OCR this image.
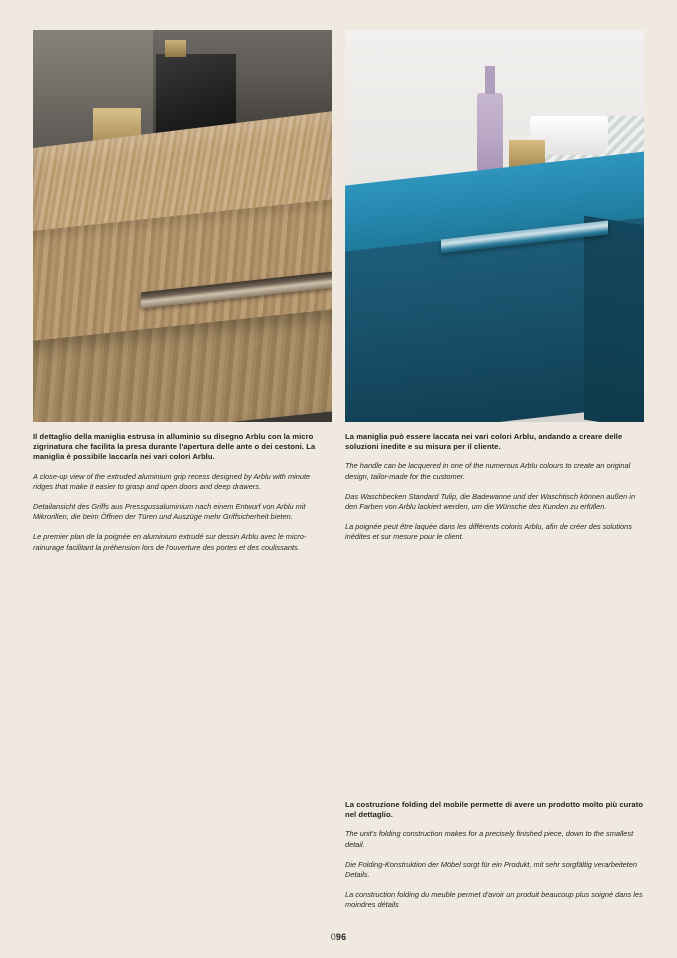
Il dettaglio della maniglia estrusa in alluminio su disegno Arblu con la micro zigrinatura che facilita la presa durante l'apertura delle ante o dei cestoni. La maniglia è possibile laccarla nei vari colori Arblu.

A close-up view of the extruded aluminium grip recess designed by Arblu with minute ridges that make it easier to grasp and open doors and deep drawers.

Detailansicht des Griffs aus Pressgussaluminium nach einem Entwurf von Arblu mit Mikrorillen, die beim Öffnen der Türen und Auszüge mehr Griffsicherheit bieten.

Le premier plan de la poignée en aluminium extrudé sur dessin Arblu avec le micro-rainurage facilitant la préhension lors de l'ouverture des portes et des coulissants.

La maniglia può essere laccata nei vari colori Arblu, andando a creare delle soluzioni inedite e su misura per il cliente.

The handle can be lacquered in one of the numerous Arblu colours to create an original design, tailor-made for the customer.

Das Waschbecken Standard Tulip, die Badewanne und der Waschtisch können außen in den Farben von Arblu lackiert werden, um die Wünsche des Kunden zu erfüllen.

La poignée peut être laquée dans les différents coloris Arblu, afin de créer des solutions inédites et sur mesure pour le client.

La costruzione folding del mobile permette di avere un prodotto molto più curato nel dettaglio.

The unit's folding construction makes for a precisely finished piece, down to the smallest detail.

Die Folding-Konstruktion der Möbel sorgt für ein Produkt, mit sehr sorgfältig verarbeiteten Details.

La construction folding du meuble permet d'avoir un produit beaucoup plus soigné dans les moindres détails

096
